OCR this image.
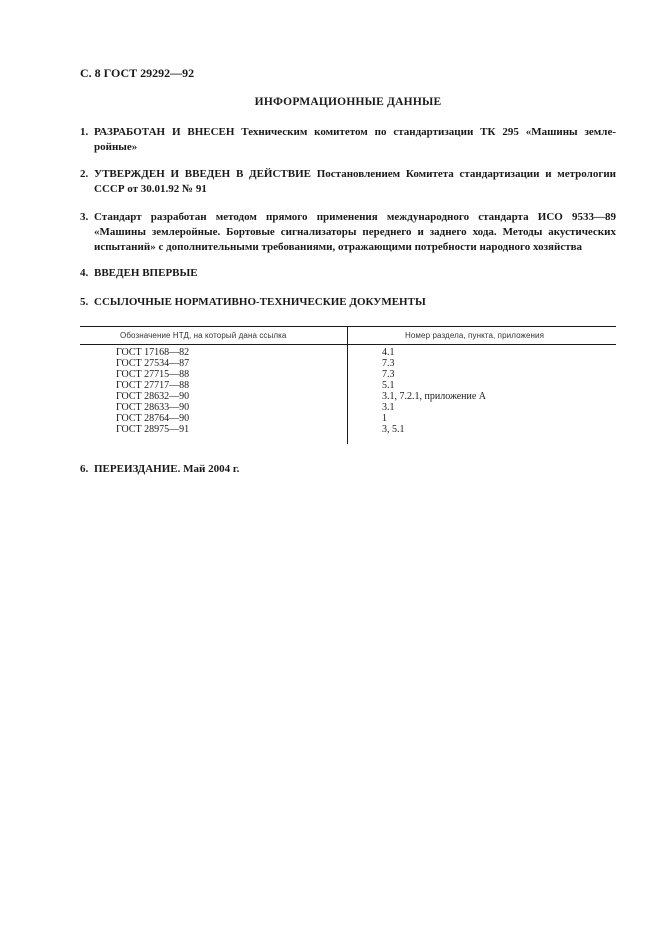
С. 8 ГОСТ 29292—92
ИНФОРМАЦИОННЫЕ ДАННЫЕ
1. РАЗРАБОТАН И ВНЕСЕН Техническим комитетом по стандартизации ТК 295 «Машины земле-ройные»
2. УТВЕРЖДЕН И ВВЕДЕН В ДЕЙСТВИЕ Постановлением Комитета стандартизации и метрологии СССР от 30.01.92 № 91
3. Стандарт разработан методом прямого применения международного стандарта ИСО 9533—89 «Машины землеройные. Бортовые сигнализаторы переднего и заднего хода. Методы акустических испытаний» с дополнительными требованиями, отражающими потребности народного хозяйства
4. ВВЕДЕН ВПЕРВЫЕ
5. ССЫЛОЧНЫЕ НОРМАТИВНО-ТЕХНИЧЕСКИЕ ДОКУМЕНТЫ
Обозначение НТД, на который дана ссылка	Номер раздела, пункта, приложения
ГОСТ 17168—82	4.1
ГОСТ 27534—87	7.3
ГОСТ 27715—88	7.3
ГОСТ 27717—88	5.1
ГОСТ 28632—90	3.1, 7.2.1, приложение А
ГОСТ 28633—90	3.1
ГОСТ 28764—90	1
ГОСТ 28975—91	3, 5.1
6. ПЕРЕИЗДАНИЕ. Май 2004 г.
